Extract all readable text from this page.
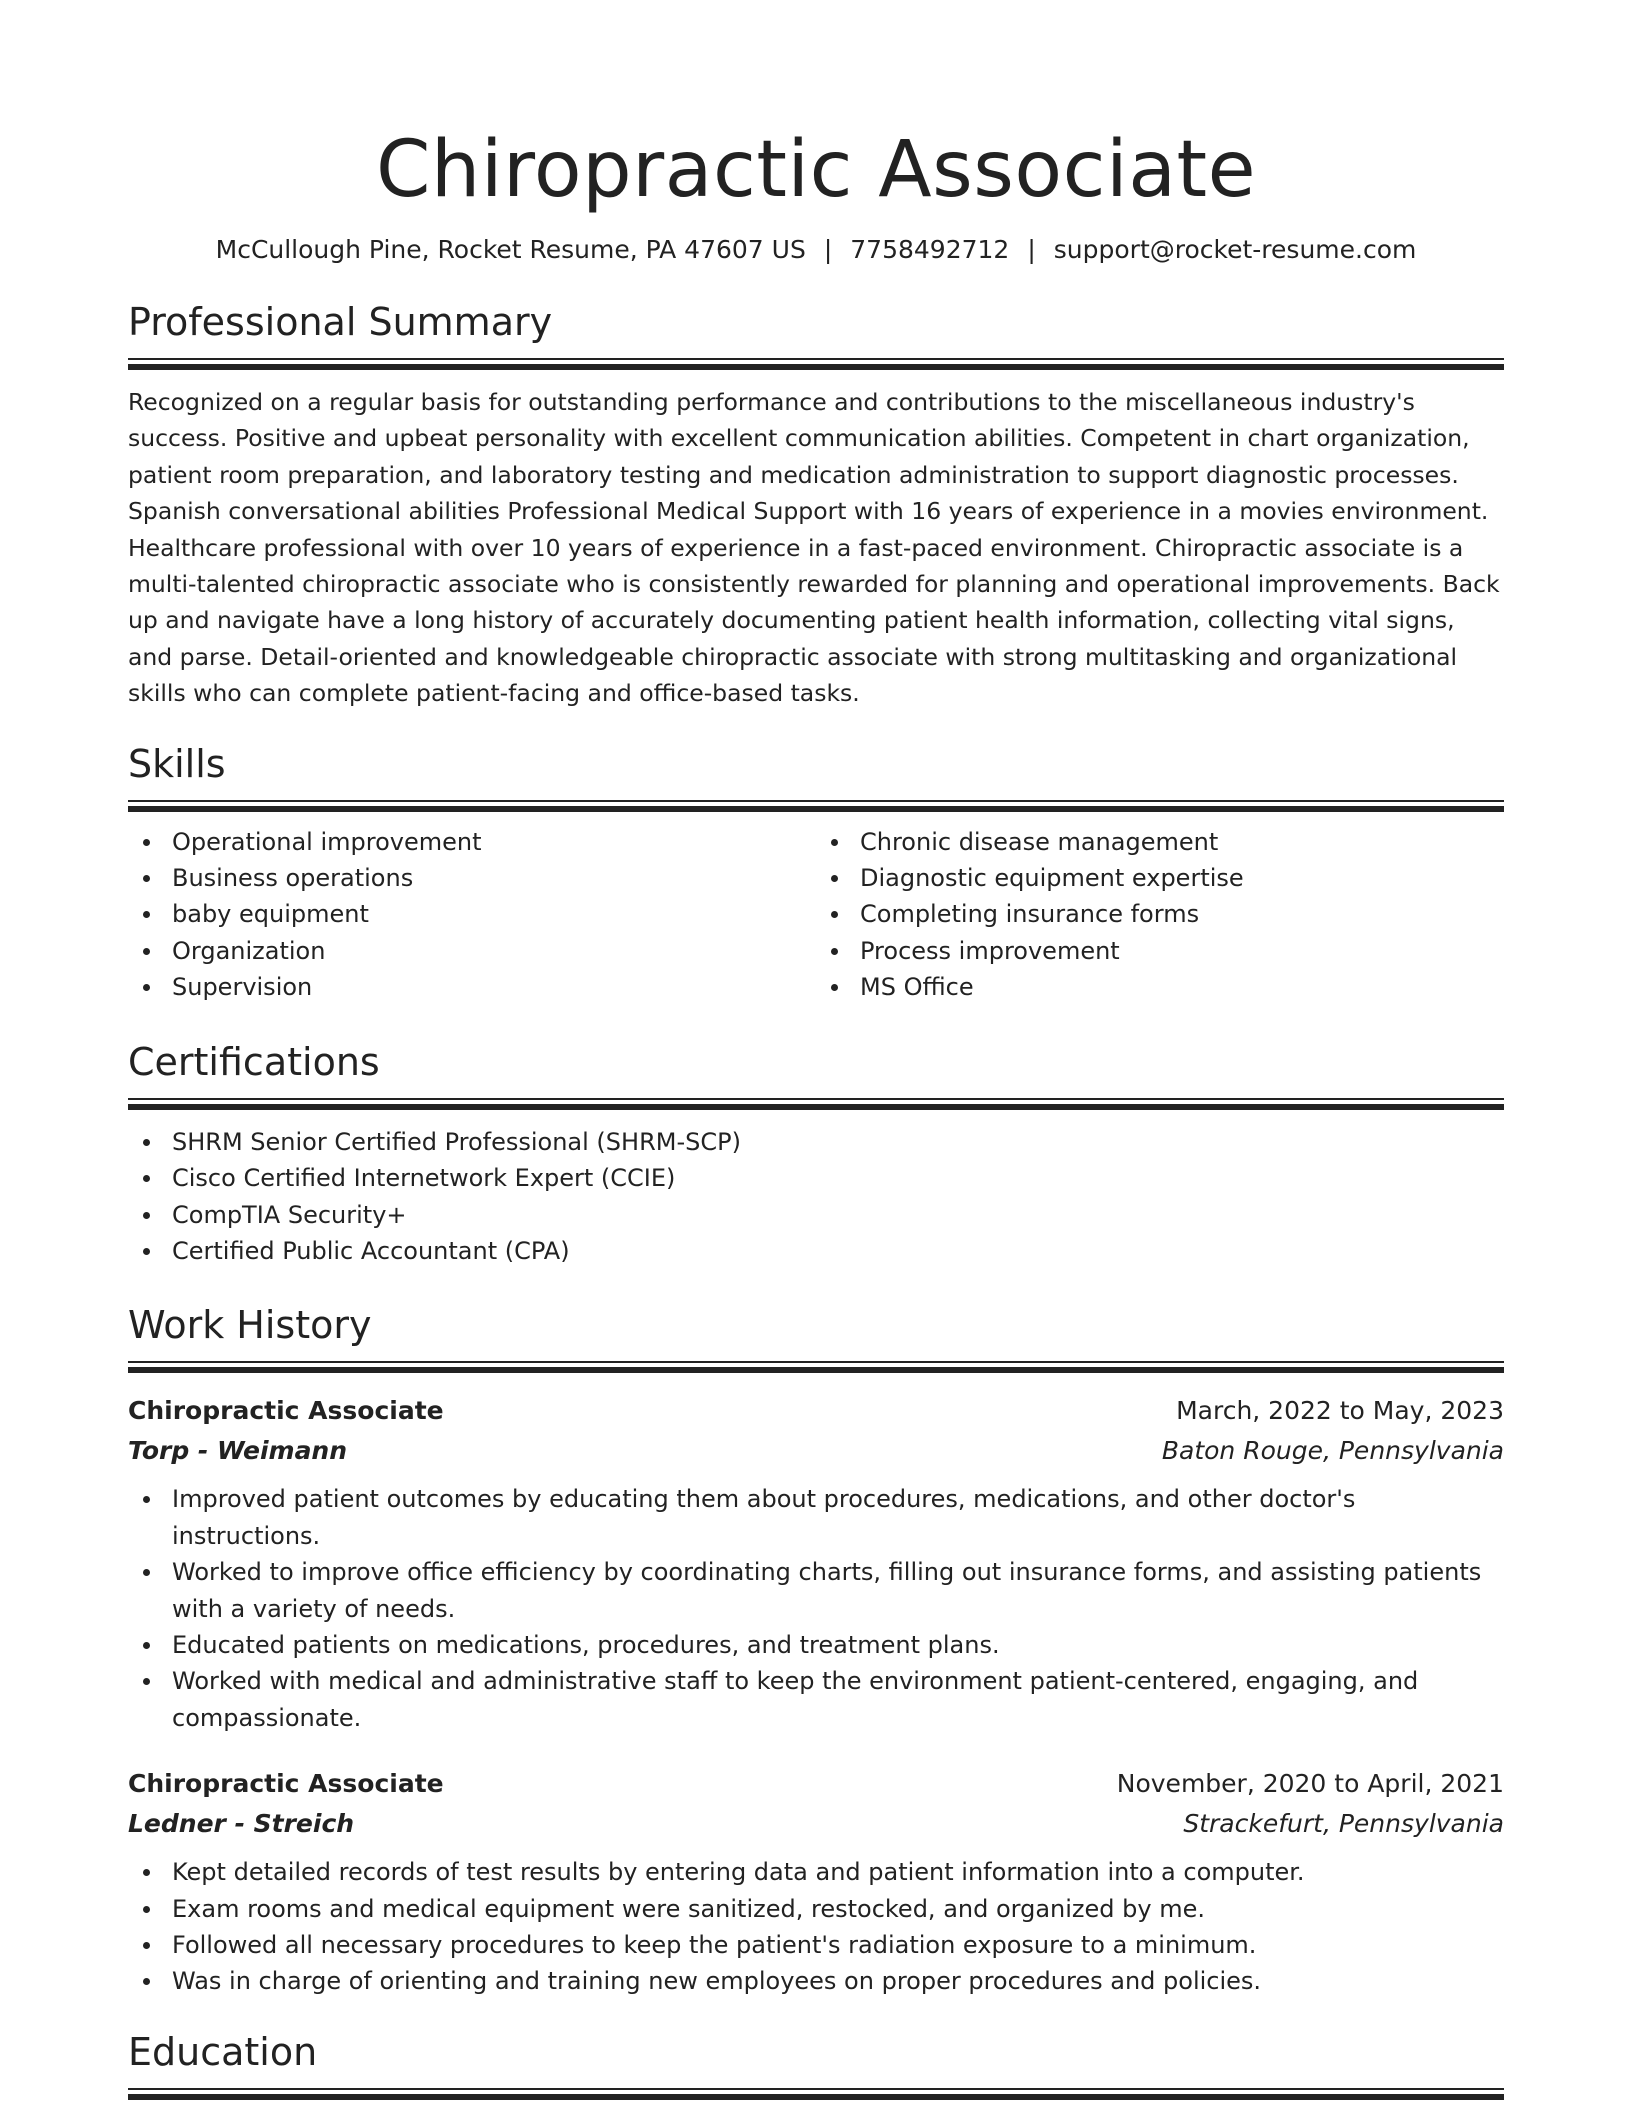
Chiropractic Associate
McCullough Pine, Rocket Resume, PA 47607 US | 7758492712 | support@rocket-resume.com
Professional Summary

Recognized on a regular basis for outstanding performance and contributions to the miscellaneous industry's success. Positive and upbeat personality with excellent communication abilities. Competent in chart organization, patient room preparation, and laboratory testing and medication administration to support diagnostic processes. Spanish conversational abilities Professional Medical Support with 16 years of experience in a movies environment. Healthcare professional with over 10 years of experience in a fast-paced environment. Chiropractic associate is a multi-talented chiropractic associate who is consistently rewarded for planning and operational improvements. Back up and navigate have a long history of accurately documenting patient health information, collecting vital signs, and parse. Detail-oriented and knowledgeable chiropractic associate with strong multitasking and organizational skills who can complete patient-facing and office-based tasks.

Skills
Operational improvement
Business operations
baby equipment
Organization
Supervision
Chronic disease management
Diagnostic equipment expertise
Completing insurance forms
Process improvement
MS Office
Certifications
SHRM Senior Certified Professional (SHRM-SCP)
Cisco Certified Internetwork Expert (CCIE)
CompTIA Security+
Certified Public Accountant (CPA)
Work History
Chiropractic Associate	March, 2022 to May, 2023
Torp - Weimann	Baton Rouge, Pennsylvania
Improved patient outcomes by educating them about procedures, medications, and other doctor's instructions.
Worked to improve office efficiency by coordinating charts, filling out insurance forms, and assisting patients with a variety of needs.
Educated patients on medications, procedures, and treatment plans.
Worked with medical and administrative staff to keep the environment patient-centered, engaging, and compassionate.
Chiropractic Associate	November, 2020 to April, 2021
Ledner - Streich	Strackefurt, Pennsylvania
Kept detailed records of test results by entering data and patient information into a computer.
Exam rooms and medical equipment were sanitized, restocked, and organized by me.
Followed all necessary procedures to keep the patient's radiation exposure to a minimum.
Was in charge of orienting and training new employees on proper procedures and policies.
Education
